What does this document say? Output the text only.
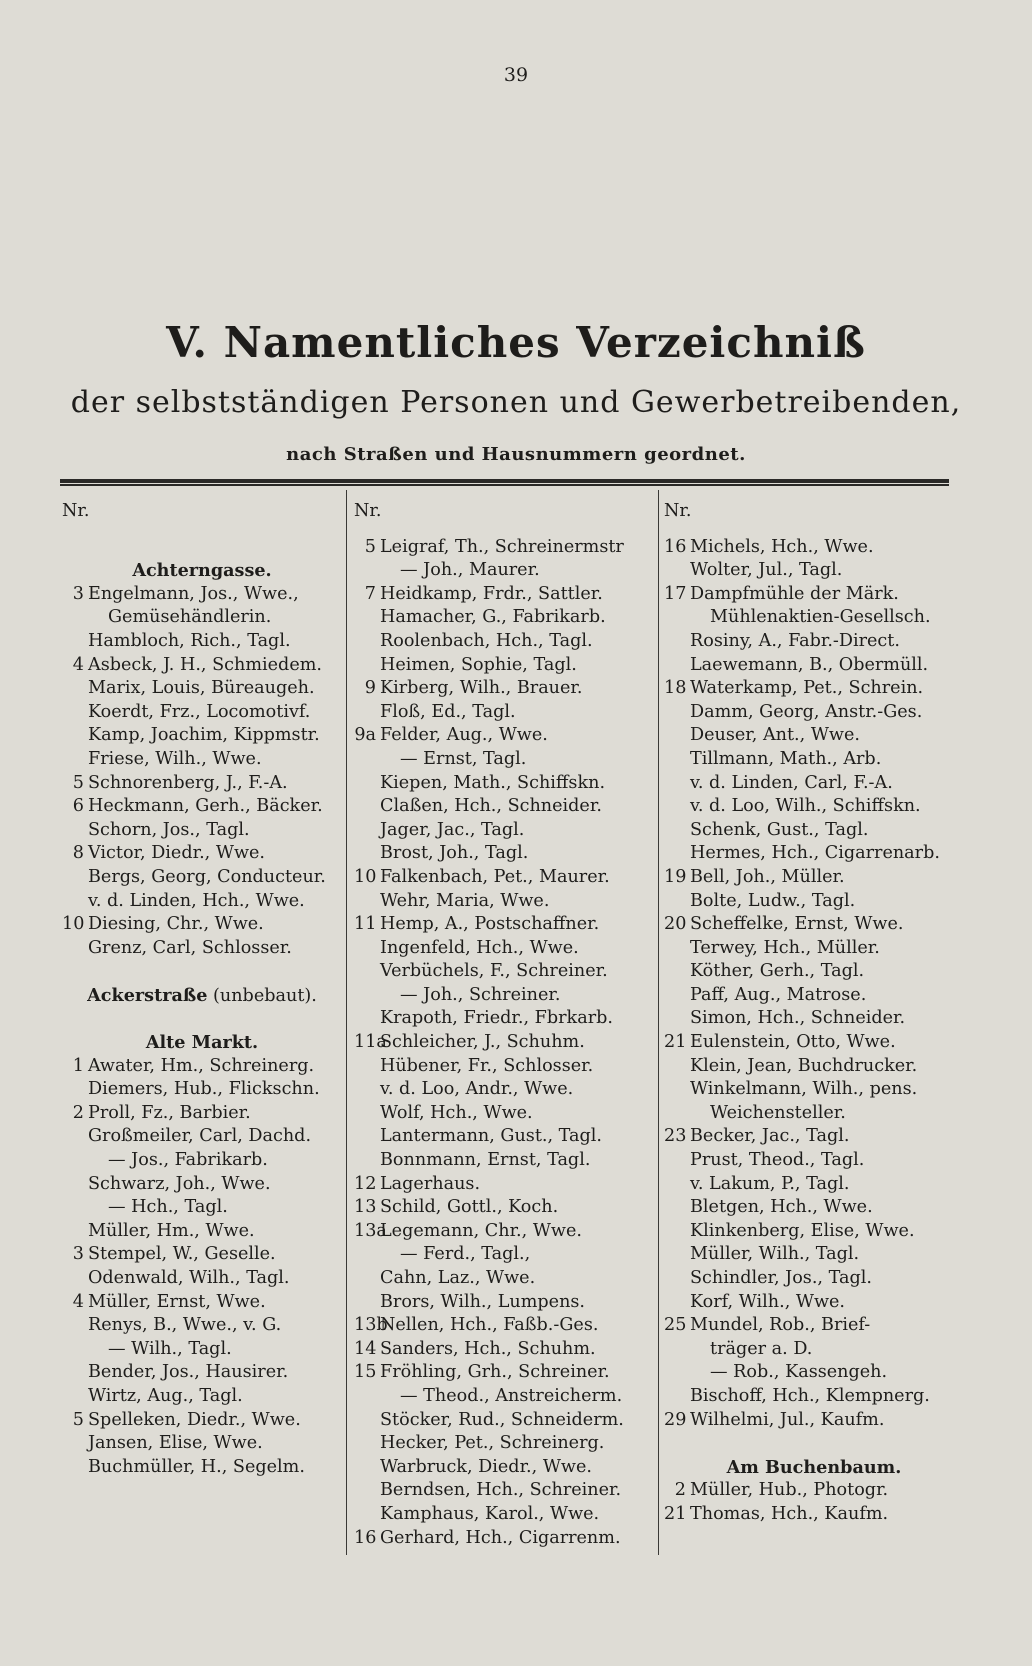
39
V. Namentliches Verzeichniß
der selbstständigen Personen und Gewerbetreibenden,
nach Straßen und Hausnummern geordnet.
Nr.
Achterngasse.
3 Engelmann, Jos., Wwe.,
Gemüsehändlerin.
Hambloch, Rich., Tagl.
4 Asbeck, J. H., Schmiedem.
Marix, Louis, Büreaugeh.
Koerdt, Frz., Locomotivf.
Kamp, Joachim, Kippmstr.
Friese, Wilh., Wwe.
5 Schnorenberg, J., F.-A.
6 Heckmann, Gerh., Bäcker.
Schorn, Jos., Tagl.
8 Victor, Diedr., Wwe.
Bergs, Georg, Conducteur.
v. d. Linden, Hch., Wwe.
10 Diesing, Chr., Wwe.
Grenz, Carl, Schlosser.
Ackerstraße (unbebaut).
Alte Markt.
1 Awater, Hm., Schreinerg.
Diemers, Hub., Flickschn.
2 Proll, Fz., Barbier.
Großmeiler, Carl, Dachd.
— Jos., Fabrikarb.
Schwarz, Joh., Wwe.
— Hch., Tagl.
Müller, Hm., Wwe.
3 Stempel, W., Geselle.
Odenwald, Wilh., Tagl.
4 Müller, Ernst, Wwe.
Renys, B., Wwe., v. G.
— Wilh., Tagl.
Bender, Jos., Hausirer.
Wirtz, Aug., Tagl.
5 Spelleken, Diedr., Wwe.
Jansen, Elise, Wwe.
Buchmüller, H., Segelm.
Nr.
5 Leigraf, Th., Schreinermstr
— Joh., Maurer.
7 Heidkamp, Frdr., Sattler.
Hamacher, G., Fabrikarb.
Roolenbach, Hch., Tagl.
Heimen, Sophie, Tagl.
9 Kirberg, Wilh., Brauer.
Floß, Ed., Tagl.
9a Felder, Aug., Wwe.
— Ernst, Tagl.
Kiepen, Math., Schiffskn.
Claßen, Hch., Schneider.
Jager, Jac., Tagl.
Brost, Joh., Tagl.
10 Falkenbach, Pet., Maurer.
Wehr, Maria, Wwe.
11 Hemp, A., Postschaffner.
Ingenfeld, Hch., Wwe.
Verbüchels, F., Schreiner.
— Joh., Schreiner.
Krapoth, Friedr., Fbrkarb.
11a
Schleicher, J., Schuhm.
Hübener, Fr., Schlosser.
v. d. Loo, Andr., Wwe.
Wolf, Hch., Wwe.
Lantermann, Gust., Tagl.
Bonnmann, Ernst, Tagl.
12 Lagerhaus.
13 Schild, Gottl., Koch.
13a
Legemann, Chr., Wwe.
— Ferd., Tagl.,
Cahn, Laz., Wwe.
Brors, Wilh., Lumpens.
13b
Nellen, Hch., Faßb.-Ges.
14 Sanders, Hch., Schuhm.
15 Fröhling, Grh., Schreiner.
— Theod., Anstreicherm.
Stöcker, Rud., Schneiderm.
Hecker, Pet., Schreinerg.
Warbruck, Diedr., Wwe.
Berndsen, Hch., Schreiner.
Kamphaus, Karol., Wwe.
16 Gerhard, Hch., Cigarrenm.
Nr.
16 Michels, Hch., Wwe.
Wolter, Jul., Tagl.
17 Dampfmühle der Märk.
Mühlenaktien-Gesellsch.
Rosiny, A., Fabr.-Direct.
Laewemann, B., Obermüll.
18 Waterkamp, Pet., Schrein.
Damm, Georg, Anstr.-Ges.
Deuser, Ant., Wwe.
Tillmann, Math., Arb.
v. d. Linden, Carl, F.-A.
v. d. Loo, Wilh., Schiffskn.
Schenk, Gust., Tagl.
Hermes, Hch., Cigarrenarb.
19 Bell, Joh., Müller.
Bolte, Ludw., Tagl.
20 Scheffelke, Ernst, Wwe.
Terwey, Hch., Müller.
Köther, Gerh., Tagl.
Paff, Aug., Matrose.
Simon, Hch., Schneider.
21 Eulenstein, Otto, Wwe.
Klein, Jean, Buchdrucker.
Winkelmann, Wilh., pens.
Weichensteller.
23 Becker, Jac., Tagl.
Prust, Theod., Tagl.
v. Lakum, P., Tagl.
Bletgen, Hch., Wwe.
Klinkenberg, Elise, Wwe.
Müller, Wilh., Tagl.
Schindler, Jos., Tagl.
Korf, Wilh., Wwe.
25 Mundel, Rob., Brief-
träger a. D.
— Rob., Kassengeh.
Bischoff, Hch., Klempnerg.
29 Wilhelmi, Jul., Kaufm.
Am Buchenbaum.
2 Müller, Hub., Photogr.
21 Thomas, Hch., Kaufm.
